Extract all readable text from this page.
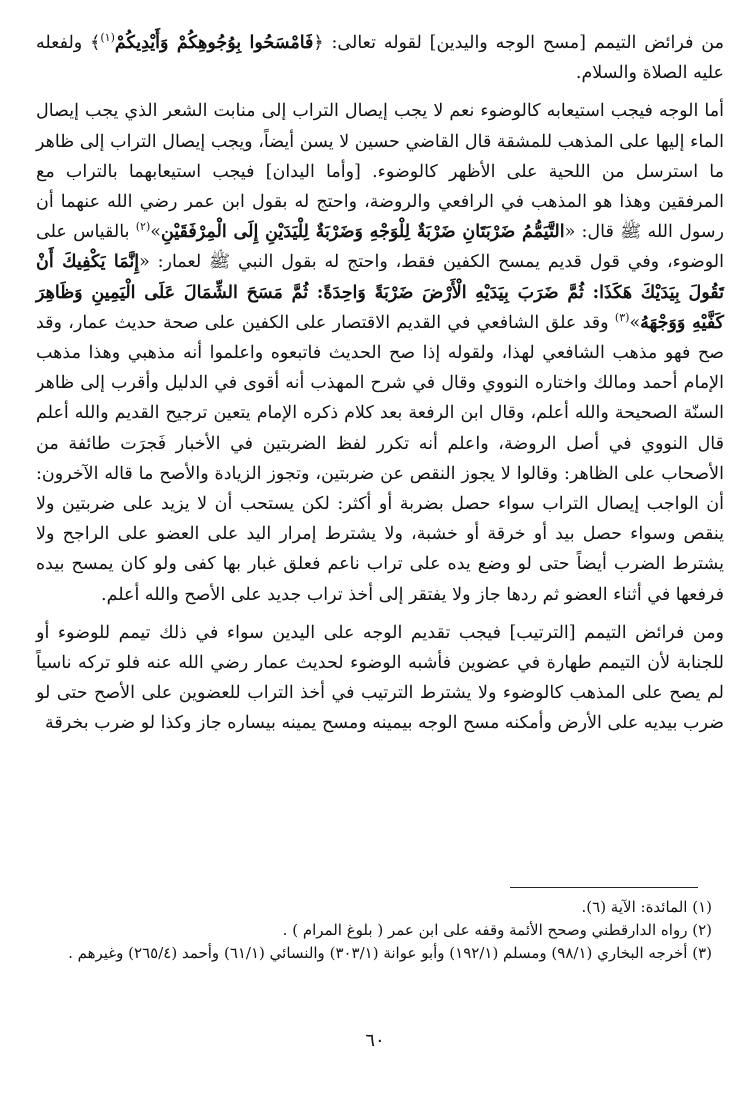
من فرائض التيمم [مسح الوجه واليدين] لقوله تعالى: ﴿فَامْسَحُوا بِوُجُوهِكُمْ وَأَيْدِيكُمْ$^{(١)}$﴾ ولفعله عليه الصلاة والسلام.

أما الوجه فيجب استيعابه كالوضوء نعم لا يجب إيصال التراب إلى منابت الشعر الذي يجب إيصال الماء إليها على المذهب للمشقة قال القاضي حسين لا يسن أيضاً، ويجب إيصال التراب إلى ظاهر ما استرسل من اللحية على الأظهر كالوضوء. [وأما اليدان] فيجب استيعابهما بالتراب مع المرفقين وهذا هو المذهب في الرافعي والروضة، واحتج له بقول ابن عمر رضي الله عنهما أن رسول الله ﷺ قال: «التَّيَمُّمُ ضَرْبَتَانِ ضَرْبَةٌ لِلْوَجْهِ وَضَرْبَةٌ لِلْيَدَيْنِ إِلَى الْمِرْفَقَيْنِ»$^{(٢)}$ بالقياس على الوضوء، وفي قول قديم يمسح الكفين فقط، واحتج له بقول النبي ﷺ لعمار: «إِنَّمَا يَكْفِيكَ أَنْ تَقُولَ بِيَدَيْكَ هَكَذَا: ثُمَّ ضَرَبَ بِيَدَيْهِ الْأَرْضَ ضَرْبَةً وَاحِدَةً: ثُمَّ مَسَحَ الشِّمَالَ عَلَى الْيَمِينِ وَظَاهِرَ كَفَّيْهِ وَوَجْهَهُ»$^{(٣)}$ وقد علق الشافعي في القديم الاقتصار على الكفين على صحة حديث عمار، وقد صح فهو مذهب الشافعي لهذا، ولقوله إذا صح الحديث فاتبعوه واعلموا أنه مذهبي وهذا مذهب الإمام أحمد ومالك واختاره النووي وقال في شرح المهذب أنه أقوى في الدليل وأقرب إلى ظاهر السنّة الصحيحة والله أعلم، وقال ابن الرفعة بعد كلام ذكره الإمام يتعين ترجيح القديم والله أعلم قال النووي في أصل الروضة، واعلم أنه تكرر لفظ الضربتين في الأخبار فَجرَت طائفة من الأصحاب على الظاهر: وقالوا لا يجوز النقص عن ضربتين، وتجوز الزيادة والأصح ما قاله الآخرون: أن الواجب إيصال التراب سواء حصل بضربة أو أكثر: لكن يستحب أن لا يزيد على ضربتين ولا ينقص وسواء حصل بيد أو خرقة أو خشبة، ولا يشترط إمرار اليد على العضو على الراجح ولا يشترط الضرب أيضاً حتى لو وضع يده على تراب ناعم فعلق غبار بها كفى ولو كان يمسح بيده فرفعها في أثناء العضو ثم ردها جاز ولا يفتقر إلى أخذ تراب جديد على الأصح والله أعلم.

ومن فرائض التيمم [الترتيب] فيجب تقديم الوجه على اليدين سواء في ذلك تيمم للوضوء أو للجنابة لأن التيمم طهارة في عضوين فأشبه الوضوء لحديث عمار رضي الله عنه فلو تركه ناسياً لم يصح على المذهب كالوضوء ولا يشترط الترتيب في أخذ التراب للعضوين على الأصح حتى لو ضرب بيديه على الأرض وأمكنه مسح الوجه بيمينه ومسح يمينه بيساره جاز وكذا لو ضرب بخرقة

(١) المائدة: الآية (٦).
(٢) رواه الدارقطني وصحح الأئمة وقفه على ابن عمر ( بلوغ المرام ) .
(٣) أخرجه البخاري (٩٨/١) ومسلم (١٩٢/١) وأبو عوانة (٣٠٣/١) والنسائي (٦١/١) وأحمد (٢٦٥/٤) وغيرهم .
٦٠
